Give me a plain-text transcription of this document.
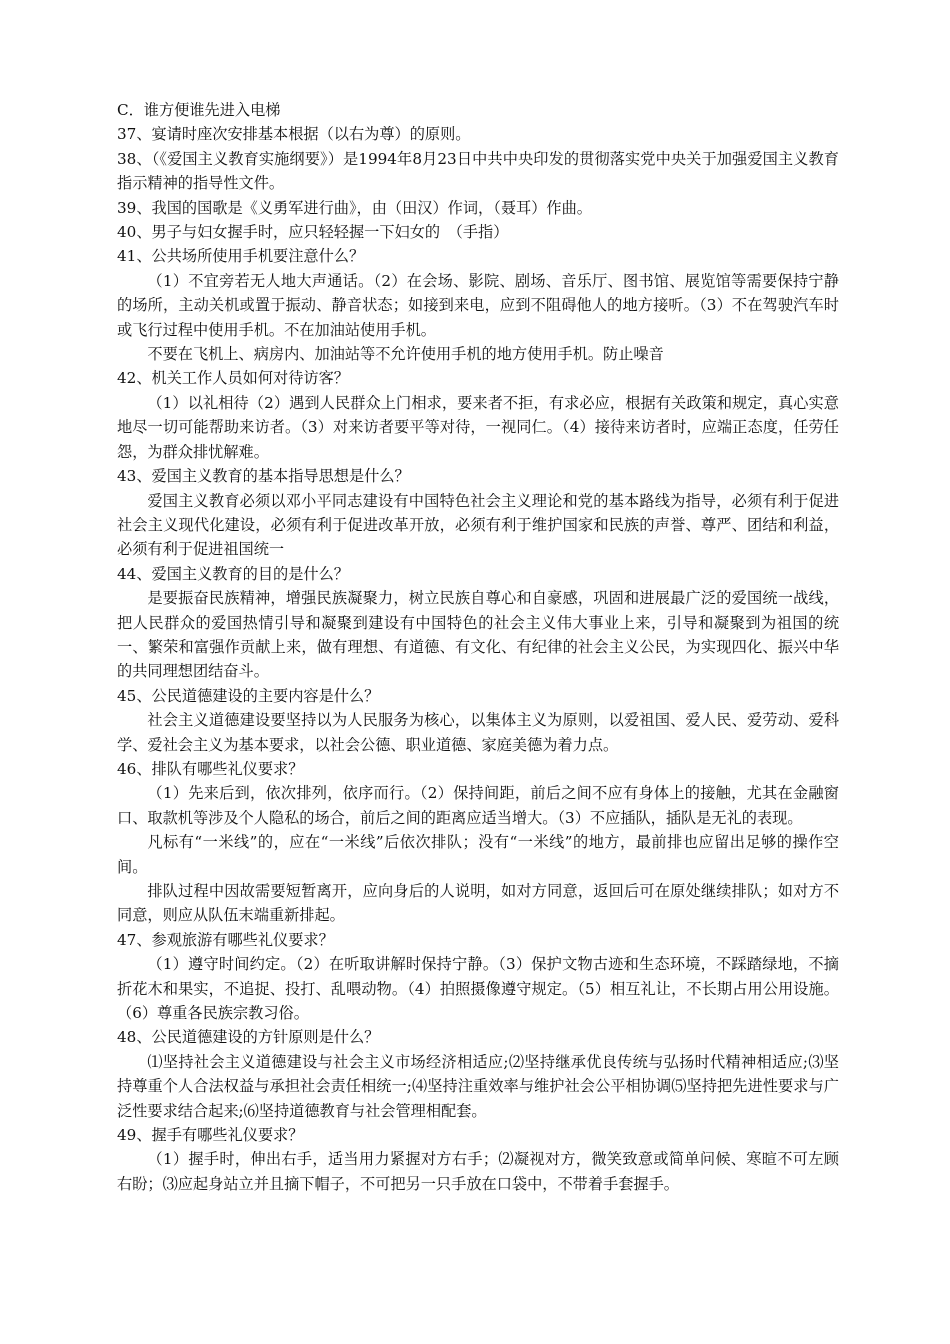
C．谁方便谁先进入电梯

37、宴请时座次安排基本根据（以右为尊）的原则。

38、（《爱国主义教育实施纲要》）是1994年8月23日中共中央印发的贯彻落实党中央关于加强爱国主义教育指示精神的指导性文件。

39、我国的国歌是《义勇军进行曲》，由（田汉）作词，（聂耳）作曲。

40、男子与妇女握手时，应只轻轻握一下妇女的　（手指）

41、公共场所使用手机要注意什么？

（1）不宜旁若无人地大声通话。（2）在会场、影院、剧场、音乐厅、图书馆、展览馆等需要保持宁静的场所，主动关机或置于振动、静音状态；如接到来电，应到不阻碍他人的地方接听。（3）不在驾驶汽车时或飞行过程中使用手机。不在加油站使用手机。

不要在飞机上、病房内、加油站等不允许使用手机的地方使用手机。防止噪音

42、机关工作人员如何对待访客？

（1）以礼相待（2）遇到人民群众上门相求，要来者不拒，有求必应，根据有关政策和规定，真心实意地尽一切可能帮助来访者。（3）对来访者要平等对待，一视同仁。（4）接待来访者时，应端正态度，任劳任怨，为群众排忧解难。

43、爱国主义教育的基本指导思想是什么？

爱国主义教育必须以邓小平同志建设有中国特色社会主义理论和党的基本路线为指导，必须有利于促进社会主义现代化建设，必须有利于促进改革开放，必须有利于维护国家和民族的声誉、尊严、团结和利益，必须有利于促进祖国统一

44、爱国主义教育的目的是什么？

是要振奋民族精神，增强民族凝聚力，树立民族自尊心和自豪感，巩固和进展最广泛的爱国统一战线，把人民群众的爱国热情引导和凝聚到建设有中国特色的社会主义伟大事业上来，引导和凝聚到为祖国的统一、繁荣和富强作贡献上来，做有理想、有道德、有文化、有纪律的社会主义公民，为实现四化、振兴中华的共同理想团结奋斗。

45、公民道德建设的主要内容是什么？

社会主义道德建设要坚持以为人民服务为核心，以集体主义为原则，以爱祖国、爱人民、爱劳动、爱科学、爱社会主义为基本要求，以社会公德、职业道德、家庭美德为着力点。

46、排队有哪些礼仪要求？

（1）先来后到，依次排列，依序而行。（2）保持间距，前后之间不应有身体上的接触，尤其在金融窗口、取款机等涉及个人隐私的场合，前后之间的距离应适当增大。（3）不应插队，插队是无礼的表现。

凡标有“一米线”的，应在“一米线”后依次排队；没有“一米线”的地方，最前排也应留出足够的操作空间。

排队过程中因故需要短暂离开，应向身后的人说明，如对方同意，返回后可在原处继续排队；如对方不同意，则应从队伍末端重新排起。

47、参观旅游有哪些礼仪要求？

（1）遵守时间约定。（2）在听取讲解时保持宁静。（3）保护文物古迹和生态环境，不踩踏绿地，不摘折花木和果实，不追捉、投打、乱喂动物。（4）拍照摄像遵守规定。（5）相互礼让，不长期占用公用设施。（6）尊重各民族宗教习俗。

48、公民道德建设的方针原则是什么？

⑴坚持社会主义道德建设与社会主义市场经济相适应;⑵坚持继承优良传统与弘扬时代精神相适应;⑶坚持尊重个人合法权益与承担社会责任相统一;⑷坚持注重效率与维护社会公平相协调⑸坚持把先进性要求与广泛性要求结合起来;⑹坚持道德教育与社会管理相配套。

49、握手有哪些礼仪要求？

（1）握手时，伸出右手，适当用力紧握对方右手；⑵凝视对方，微笑致意或简单问候、寒暄不可左顾右盼；⑶应起身站立并且摘下帽子，不可把另一只手放在口袋中，不带着手套握手。
